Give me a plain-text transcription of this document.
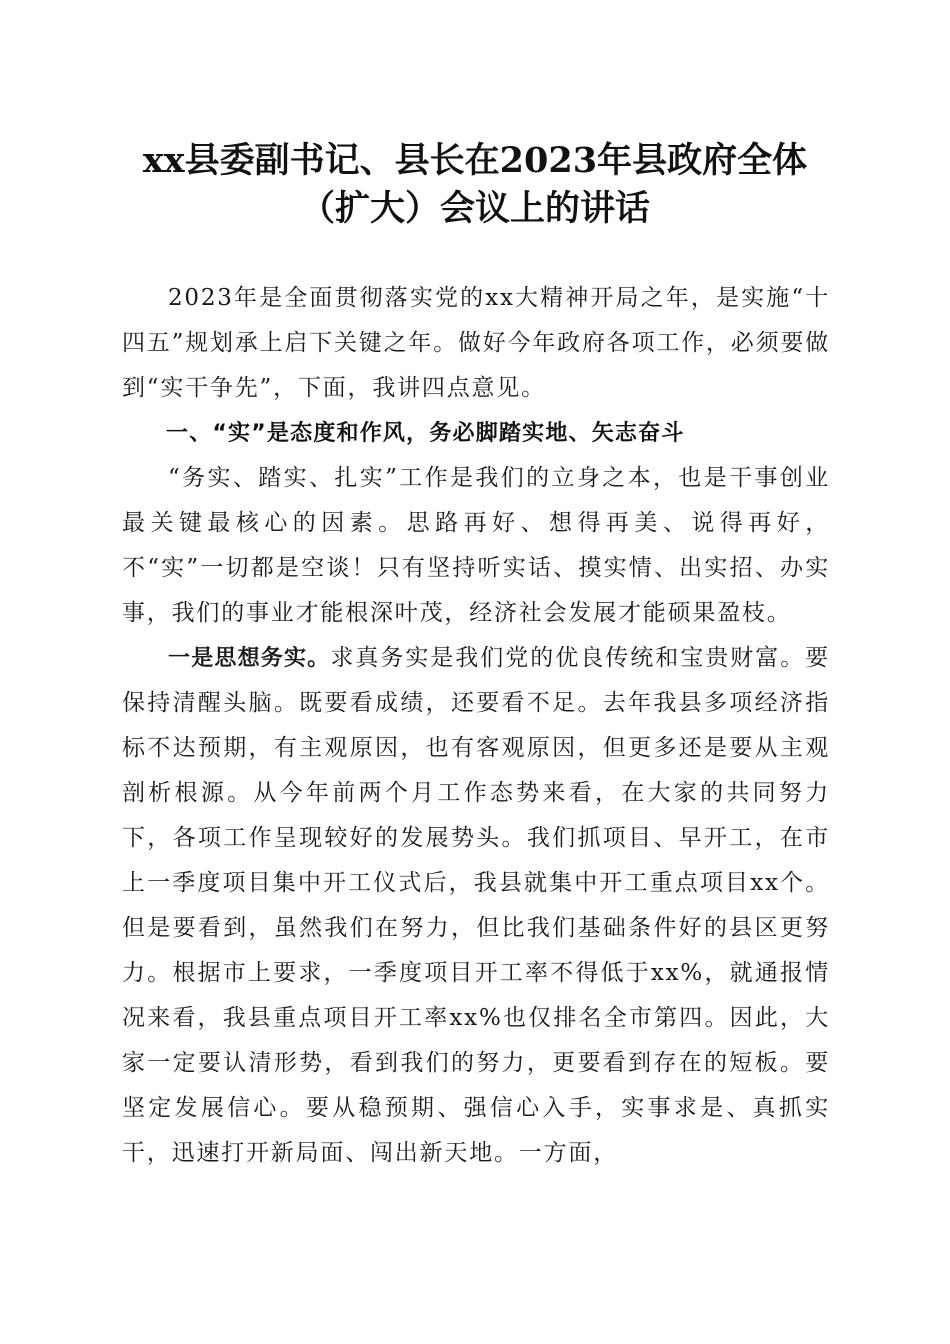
xx县委副书记、县长在2023年县政府全体
（扩大）会议上的讲话

2023年是全面贯彻落实党的xx大精神开局之年，是实施“十四五”规划承上启下关键之年。做好今年政府各项工作，必须要做到“实干争先”，下面，我讲四点意见。

一、“实”是态度和作风，务必脚踏实地、矢志奋斗

“务实、踏实、扎实”工作是我们的立身之本，也是干事创业最关键最核心的因素。思路再好、想得再美、说得再好，不“实”一切都是空谈！只有坚持听实话、摸实情、出实招、办实事，我们的事业才能根深叶茂，经济社会发展才能硕果盈枝。

一是思想务实。求真务实是我们党的优良传统和宝贵财富。要保持清醒头脑。既要看成绩，还要看不足。去年我县多项经济指标不达预期，有主观原因，也有客观原因，但更多还是要从主观剖析根源。从今年前两个月工作态势来看，在大家的共同努力下，各项工作呈现较好的发展势头。我们抓项目、早开工，在市上一季度项目集中开工仪式后，我县就集中开工重点项目xx个。但是要看到，虽然我们在努力，但比我们基础条件好的县区更努力。根据市上要求，一季度项目开工率不得低于xx%，就通报情况来看，我县重点项目开工率xx%也仅排名全市第四。因此，大家一定要认清形势，看到我们的努力，更要看到存在的短板。要坚定发展信心。要从稳预期、强信心入手，实事求是、真抓实干，迅速打开新局面、闯出新天地。一方面，
